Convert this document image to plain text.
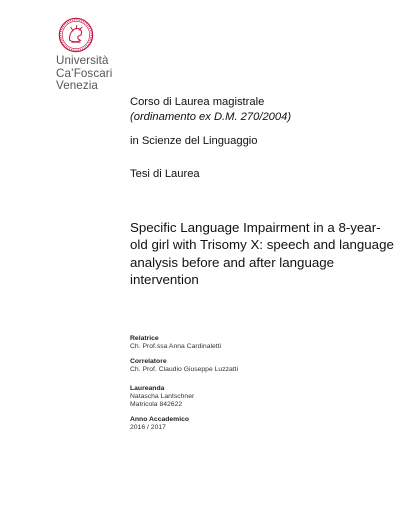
Università
Ca’Foscari
Venezia
Corso di Laurea magistrale
(ordinamento ex D.M. 270/2004)
in Scienze del Linguaggio
Tesi di Laurea
Specific Language Impairment in a 8-year-old girl with Trisomy X: speech and language analysis before and after language intervention
Relatrice
Ch. Prof.ssa Anna Cardinaletti
Correlatore
Ch. Prof. Claudio Giuseppe Luzzatti
Laureanda
Natascha Lantschner
Matricola 842622
Anno Accademico
2016 / 2017
